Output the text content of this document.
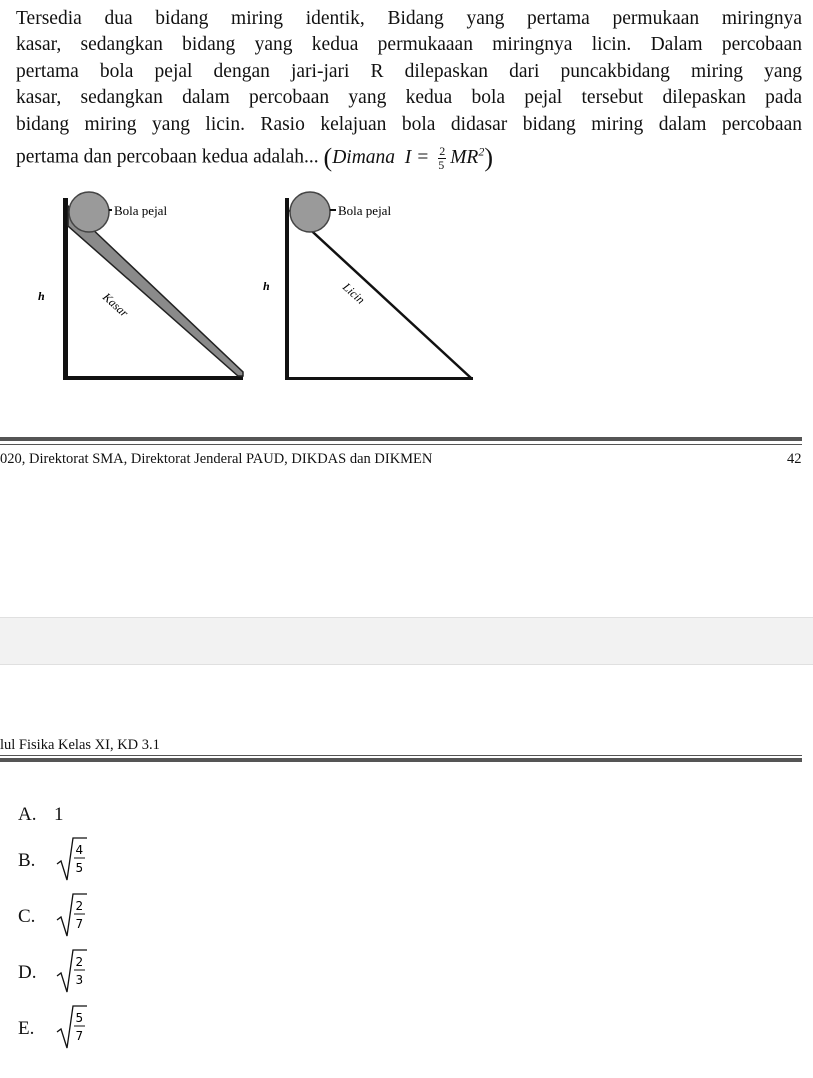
Tersedia dua bidang miring identik, Bidang yang pertama permukaan miringnya
kasar, sedangkan bidang yang kedua permukaaan miringnya licin. Dalam percobaan
pertama bola pejal dengan jari-jari R dilepaskan dari puncakbidang miring yang
kasar, sedangkan dalam percobaan yang kedua bola pejal tersebut dilepaskan pada
bidang miring yang licin. Rasio kelajuan bola didasar bidang miring dalam percobaan
pertama dan percobaan kedua adalah... (Dimana $I = \frac{2}{5} MR^2$)
Bola pejal
h	Kasar
Bola pejal
h	Licin
020, Direktorat SMA, Direktorat Jenderal PAUD, DIKDAS dan DIKMEN	42
lul Fisika Kelas XI, KD 3.1
A. 1
B.	4
5
C.	2
7
D.	2
3
E.	5
7
